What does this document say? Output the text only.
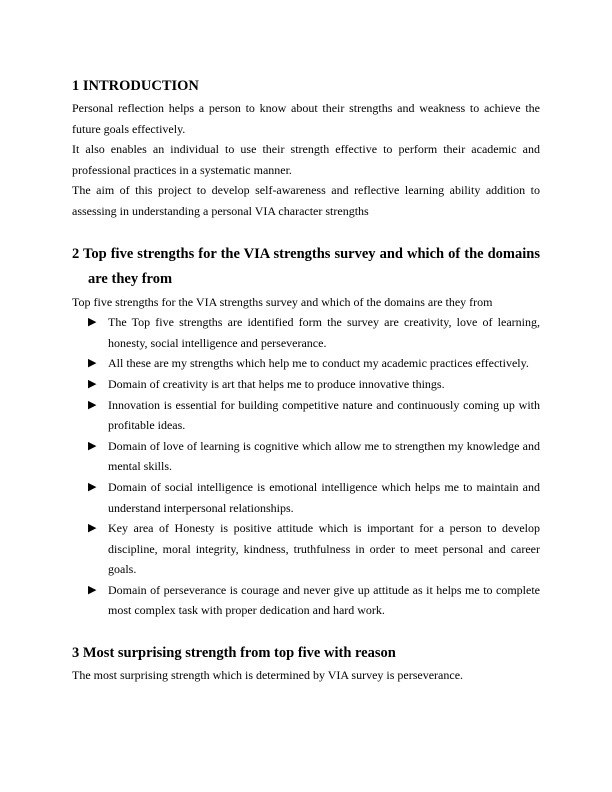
1 INTRODUCTION

Personal reflection helps a person to know about their strengths and weakness to achieve the future goals effectively.

It also enables an individual to use their strength effective to perform their academic and professional practices in a systematic manner.

The aim of this project to develop self-awareness and reflective learning ability addition to assessing in understanding a personal VIA character strengths

2 Top five strengths for the VIA strengths survey and which of the domains are they from

Top five strengths for the VIA strengths survey and which of the domains are they from

▶ The Top five strengths are identified form the survey are creativity, love of learning, honesty, social intelligence and perseverance.
▶ All these are my strengths which help me to conduct my academic practices effectively.
▶ Domain of creativity is art that helps me to produce innovative things.
▶ Innovation is essential for building competitive nature and continuously coming up with profitable ideas.
▶ Domain of love of learning is cognitive which allow me to strengthen my knowledge and mental skills.
▶ Domain of social intelligence is emotional intelligence which helps me to maintain and understand interpersonal relationships.
▶ Key area of Honesty is positive attitude which is important for a person to develop discipline, moral integrity, kindness, truthfulness in order to meet personal and career goals.
▶ Domain of perseverance is courage and never give up attitude as it helps me to complete most complex task with proper dedication and hard work.
3 Most surprising strength from top five with reason

The most surprising strength which is determined by VIA survey is perseverance.
